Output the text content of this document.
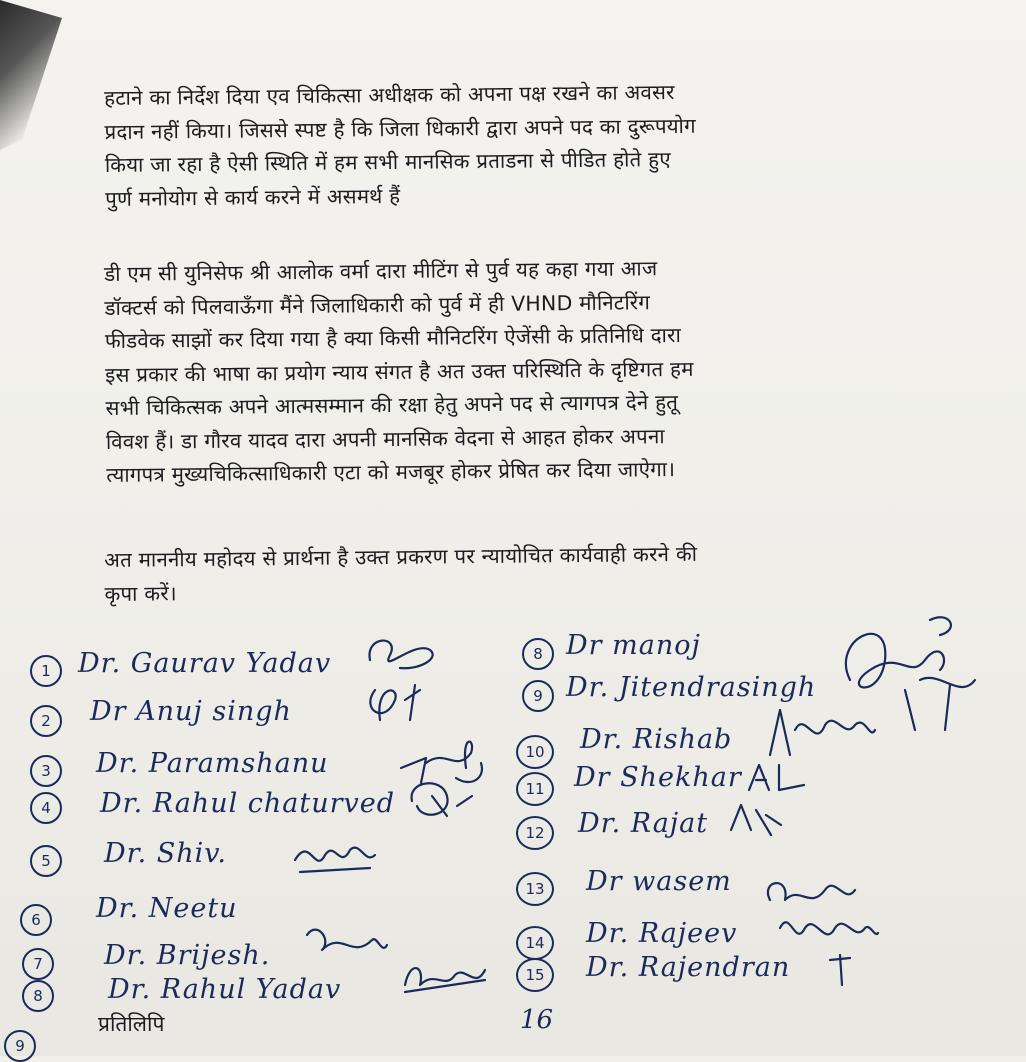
हटाने का निर्देश दिया एव चिकित्सा अधीक्षक को अपना पक्ष रखने का अवसर
प्रदान नहीं किया। जिससे स्पष्ट है कि जिला धिकारी द्वारा अपने पद का दुरूपयोग
किया जा रहा है ऐसी स्थिति में हम सभी मानसिक प्रताडना से पीडित होते हुए
पुर्ण मनोयोग से कार्य करने में असमर्थ हैं
डी एम सी युनिसेफ श्री आलोक वर्मा दारा मीटिंग से पुर्व यह कहा गया आज
डॉक्टर्स को पिलवाऊँगा मैंने जिलाधिकारी को पुर्व में ही VHND मौनिटरिंग
फीडवेक साझों कर दिया गया है क्या किसी मौनिटरिंग ऐजेंसी के प्रतिनिधि दारा
इस प्रकार की भाषा का प्रयोग न्याय संगत है अत उक्त परिस्थिति के दृष्टिगत हम
सभी चिकित्सक अपने आत्मसम्मान की रक्षा हेतु अपने पद से त्यागपत्र देने हुतू
विवश हैं। डा गौरव यादव दारा अपनी मानसिक वेदना से आहत होकर अपना
त्यागपत्र मुख्यचिकित्साधिकारी एटा को मजबूर होकर प्रेषित कर दिया जाऐगा।
अत माननीय महोदय से प्रार्थना है उक्त प्रकरण पर न्यायोचित कार्यवाही करने की
कृपा करें।
1	Dr. Gaurav Yadav
2	Dr Anuj singh
3	Dr. Paramshanu
4	Dr. Rahul chaturved
5	Dr. Shiv.
6	Dr. Neetu
7	Dr. Brijesh.
8	Dr. Rahul Yadav
9
8 Dr manoj
9 Dr. Jitendrasingh
10	Dr. Rishab
11	Dr Shekhar
12	Dr. Rajat
13	Dr wasem
14	Dr. Rajeev
15	Dr. Rajendran
प्रतिलिपि	16
